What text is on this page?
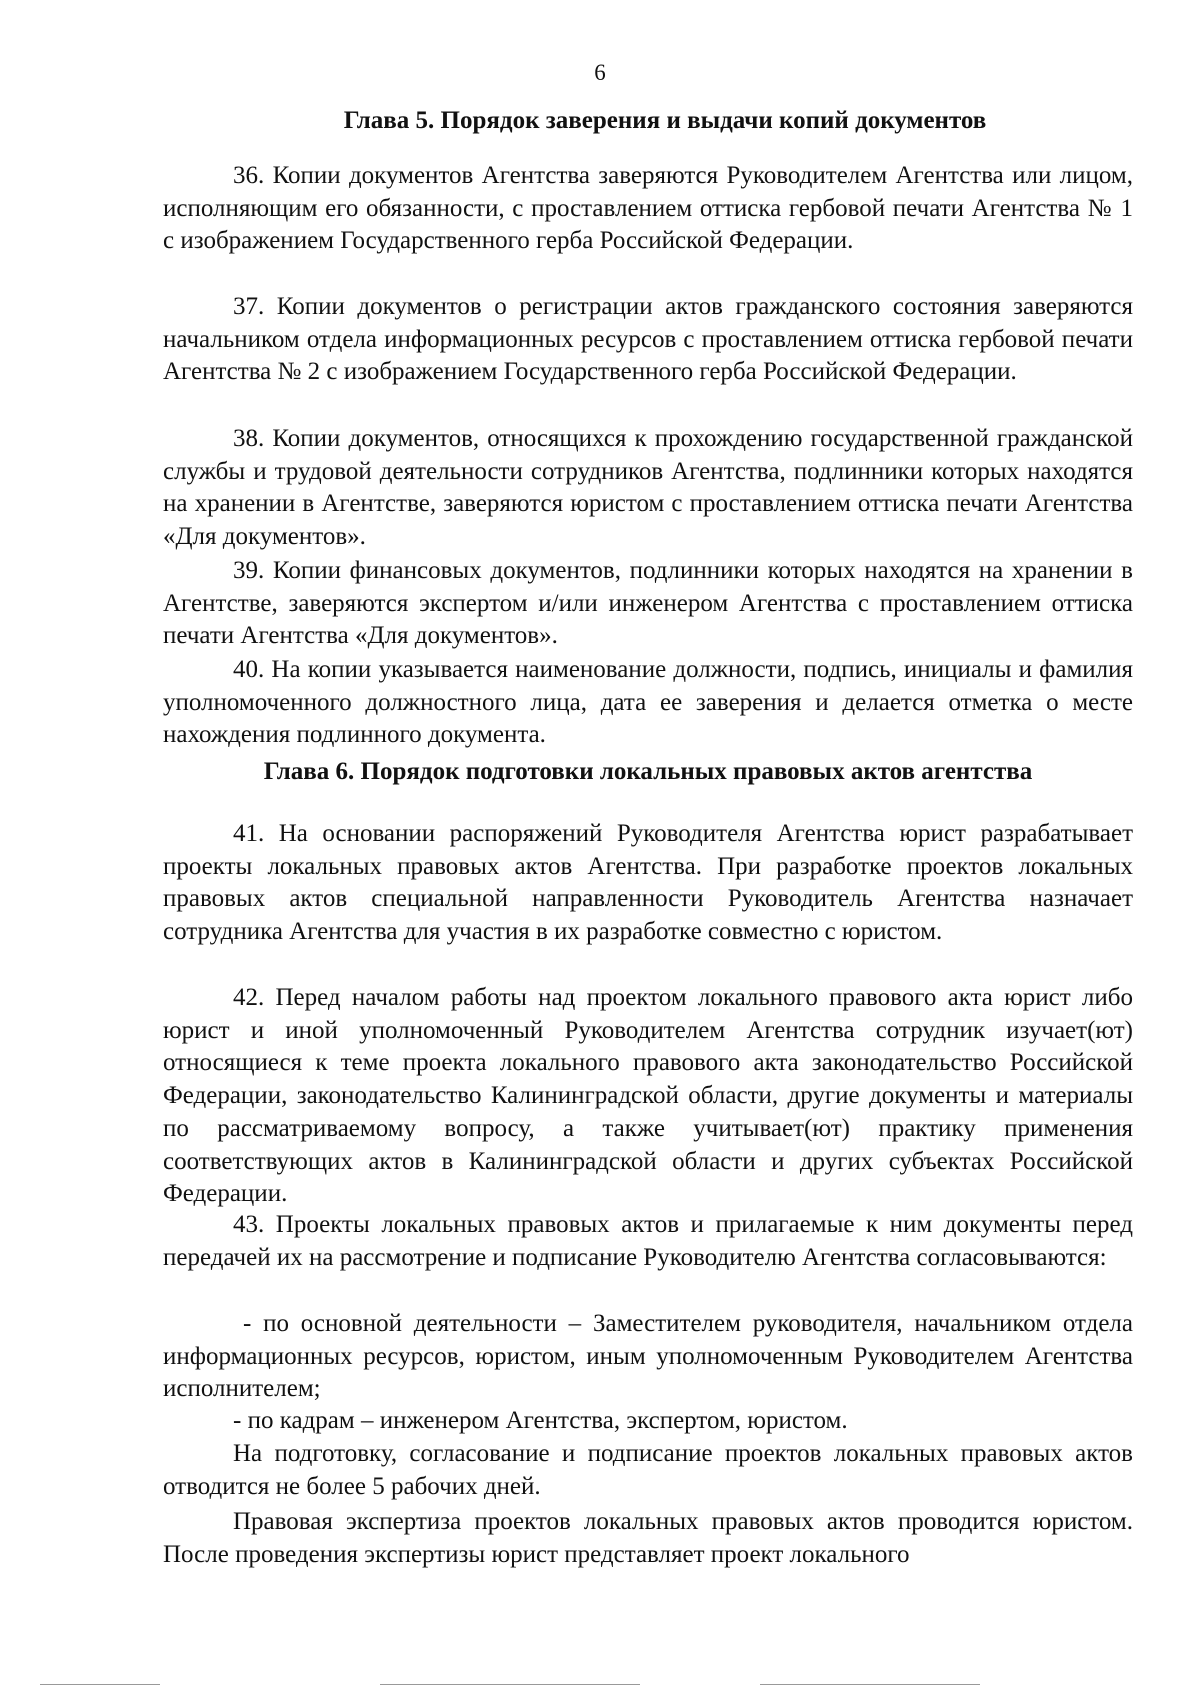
6
Глава 5. Порядок заверения и выдачи копий документов

36. Копии документов Агентства заверяются Руководителем Агентства или лицом, исполняющим его обязанности, с проставлением оттиска гербовой печати Агентства № 1 с изображением Государственного герба Российской Федерации.

37. Копии документов о регистрации актов гражданского состояния заверяются начальником отдела информационных ресурсов с проставлением оттиска гербовой печати Агентства № 2 с изображением Государственного герба Российской Федерации.

38. Копии документов, относящихся к прохождению государственной гражданской службы и трудовой деятельности сотрудников Агентства, подлинники которых находятся на хранении в Агентстве, заверяются юристом с проставлением оттиска печати Агентства «Для документов».

39. Копии финансовых документов, подлинники которых находятся на хранении в Агентстве, заверяются экспертом и/или инженером Агентства с проставлением оттиска печати Агентства «Для документов».

40. На копии указывается наименование должности, подпись, инициалы и фамилия уполномоченного должностного лица, дата ее заверения и делается отметка о месте нахождения подлинного документа.

Глава 6. Порядок подготовки локальных правовых актов агентства

41. На основании распоряжений Руководителя Агентства юрист разрабатывает проекты локальных правовых актов Агентства. При разработке проектов локальных правовых актов специальной направленности Руководитель Агентства назначает сотрудника Агентства для участия в их разработке совместно с юристом.

42. Перед началом работы над проектом локального правового акта юрист либо юрист и иной уполномоченный Руководителем Агентства сотрудник изучает(ют) относящиеся к теме проекта локального правового акта законодательство Российской Федерации, законодательство Калининградской области, другие документы и материалы по рассматриваемому вопросу, а также учитывает(ют) практику применения соответствующих актов в Калининградской области и других субъектах Российской Федерации.

43. Проекты локальных правовых актов и прилагаемые к ним документы перед передачей их на рассмотрение и подписание Руководителю Агентства согласовываются:

- по основной деятельности – Заместителем руководителя, начальником отдела информационных ресурсов, юристом, иным уполномоченным Руководителем Агентства исполнителем;

- по кадрам – инженером Агентства, экспертом, юристом.

На подготовку, согласование и подписание проектов локальных правовых актов отводится не более 5 рабочих дней.

Правовая экспертиза проектов локальных правовых актов проводится юристом. После проведения экспертизы юрист представляет проект локального
